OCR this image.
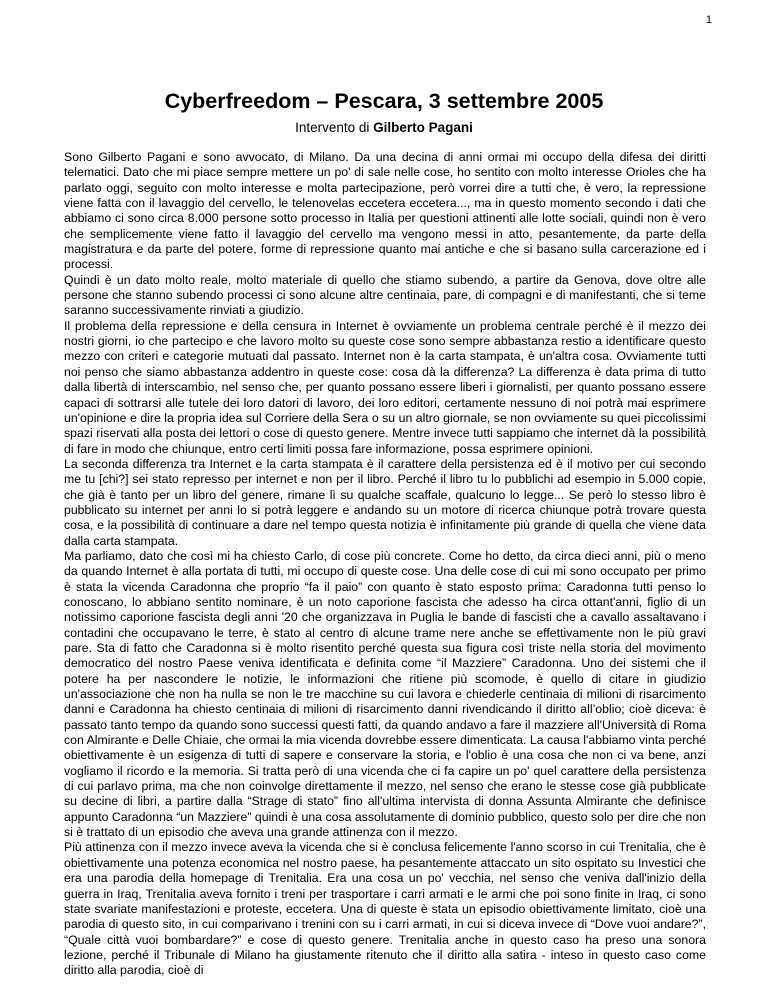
1
Cyberfreedom – Pescara, 3 settembre 2005
Intervento di Gilberto Pagani

Sono Gilberto Pagani e sono avvocato, di Milano. Da una decina di anni ormai mi occupo della difesa dei diritti telematici. Dato che mi piace sempre mettere un po' di sale nelle cose, ho sentito con molto interesse Orioles che ha parlato oggi, seguito con molto interesse e molta partecipazione, però vorrei dire a tutti che, è vero, la repressione viene fatta con il lavaggio del cervello, le telenovelas eccetera eccetera..., ma in questo momento secondo i dati che abbiamo ci sono circa 8.000 persone sotto processo in Italia per questioni attinenti alle lotte sociali, quindi non è vero che semplicemente viene fatto il lavaggio del cervello ma vengono messi in atto, pesantemente, da parte della magistratura e da parte del potere, forme di repressione quanto mai antiche e che si basano sulla carcerazione ed i processi.

Quindi è un dato molto reale, molto materiale di quello che stiamo subendo, a partire da Genova, dove oltre alle persone che stanno subendo processi ci sono alcune altre centinaia, pare, di compagni e di manifestanti, che si teme saranno successivamente rinviati a giudizio.

Il problema della repressione e della censura in Internet è ovviamente un problema centrale perché è il mezzo dei nostri giorni, io che partecipo e che lavoro molto su queste cose sono sempre abbastanza restio a identificare questo mezzo con criteri e categorie mutuati dal passato. Internet non è la carta stampata, è un'altra cosa. Ovviamente tutti noi penso che siamo abbastanza addentro in queste cose: cosa dà la differenza? La differenza è data prima di tutto dalla libertà di interscambio, nel senso che, per quanto possano essere liberi i giornalisti, per quanto possano essere capaci di sottrarsi alle tutele dei loro datori di lavoro, dei loro editori, certamente nessuno di noi potrà mai esprimere un'opinione e dire la propria idea sul Corriere della Sera o su un altro giornale, se non ovviamente su quei piccolissimi spazi riservati alla posta dei lettori o cose di questo genere. Mentre invece tutti sappiamo che internet dà la possibilità di fare in modo che chiunque, entro certi limiti possa fare informazione, possa esprimere opinioni.

La seconda differenza tra Internet e la carta stampata è il carattere della persistenza ed è il motivo per cui secondo me tu [chi?] sei stato represso per internet e non per il libro. Perché il libro tu lo pubblichi ad esempio in 5.000 copie, che già è tanto per un libro del genere, rimane lì su qualche scaffale, qualcuno lo legge... Se però lo stesso libro è pubblicato su internet per anni lo si potrà leggere e andando su un motore di ricerca chiunque potrà trovare questa cosa, e la possibilità di continuare a dare nel tempo questa notizia è infinitamente più grande di quella che viene data dalla carta stampata.

Ma parliamo, dato che così mi ha chiesto Carlo, di cose più concrete. Come ho detto, da circa dieci anni, più o meno da quando Internet è alla portata di tutti, mi occupo di queste cose. Una delle cose di cui mi sono occupato per primo è stata la vicenda Caradonna che proprio “fa il paio” con quanto è stato esposto prima: Caradonna tutti penso lo conoscano, lo abbiano sentito nominare, è un noto caporione fascista che adesso ha circa ottant'anni, figlio di un notissimo caporione fascista degli anni '20 che organizzava in Puglia le bande di fascisti che a cavallo assaltavano i contadini che occupavano le terre, è stato al centro di alcune trame nere anche se effettivamente non le più gravi pare. Sta di fatto che Caradonna si è molto risentito perché questa sua figura così triste nella storia del movimento democratico del nostro Paese veniva identificata e definita come “il Mazziere” Caradonna. Uno dei sistemi che il potere ha per nascondere le notizie, le informazioni che ritiene più scomode, è quello di citare in giudizio un'associazione che non ha nulla se non le tre macchine su cui lavora e chiederle centinaia di milioni di risarcimento danni e Caradonna ha chiesto centinaia di milioni di risarcimento danni rivendicando il diritto all’oblio; cioè diceva: è passato tanto tempo da quando sono successi questi fatti, da quando andavo a fare il mazziere all'Università di Roma con Almirante e Delle Chiaie, che ormai la mia vicenda dovrebbe essere dimenticata. La causa l'abbiamo vinta perché obiettivamente è un esigenza di tutti di sapere e conservare la storia, e l'oblio è una cosa che non ci va bene, anzi vogliamo il ricordo e la memoria. Si tratta però di una vicenda che ci fa capire un po' quel carattere della persistenza di cui parlavo prima, ma che non coinvolge direttamente il mezzo, nel senso che erano le stesse cose già pubblicate su decine di libri, a partire dalla “Strage di stato” fino all'ultima intervista di donna Assunta Almirante che definisce appunto Caradonna “un Mazziere” quindi è una cosa assolutamente di dominio pubblico, questo solo per dire che non si è trattato di un episodio che aveva una grande attinenza con il mezzo.

Più attinenza con il mezzo invece aveva la vicenda che si è conclusa felicemente l'anno scorso in cui Trenitalia, che è obiettivamente una potenza economica nel nostro paese, ha pesantemente attaccato un sito ospitato su Investici che era una parodia della homepage di Trenitalia. Era una cosa un po' vecchia, nel senso che veniva dall'inizio della guerra in Iraq, Trenitalia aveva fornito i treni per trasportare i carri armati e le armi che poi sono finite in Iraq, ci sono state svariate manifestazioni e proteste, eccetera. Una di queste è stata un episodio obiettivamente limitato, cioè una parodia di questo sito, in cui comparivano i trenini con su i carri armati, in cui si diceva invece di “Dove vuoi andare?”, “Quale città vuoi bombardare?” e cose di questo genere. Trenitalia anche in questo caso ha preso una sonora lezione, perché il Tribunale di Milano ha giustamente ritenuto che il diritto alla satira - inteso in questo caso come diritto alla parodia, cioè di
